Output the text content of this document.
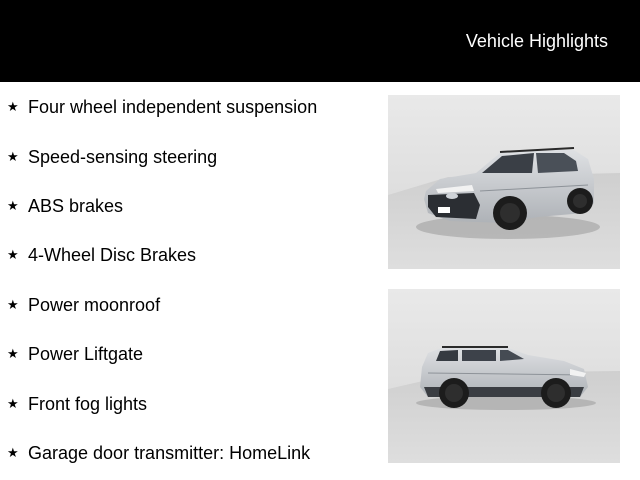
Vehicle Highlights
★ Four wheel independent suspension
★ Speed-sensing steering
★ ABS brakes
★ 4-Wheel Disc Brakes
★ Power moonroof
★ Power Liftgate
★ Front fog lights
★ Garage door transmitter: HomeLink
